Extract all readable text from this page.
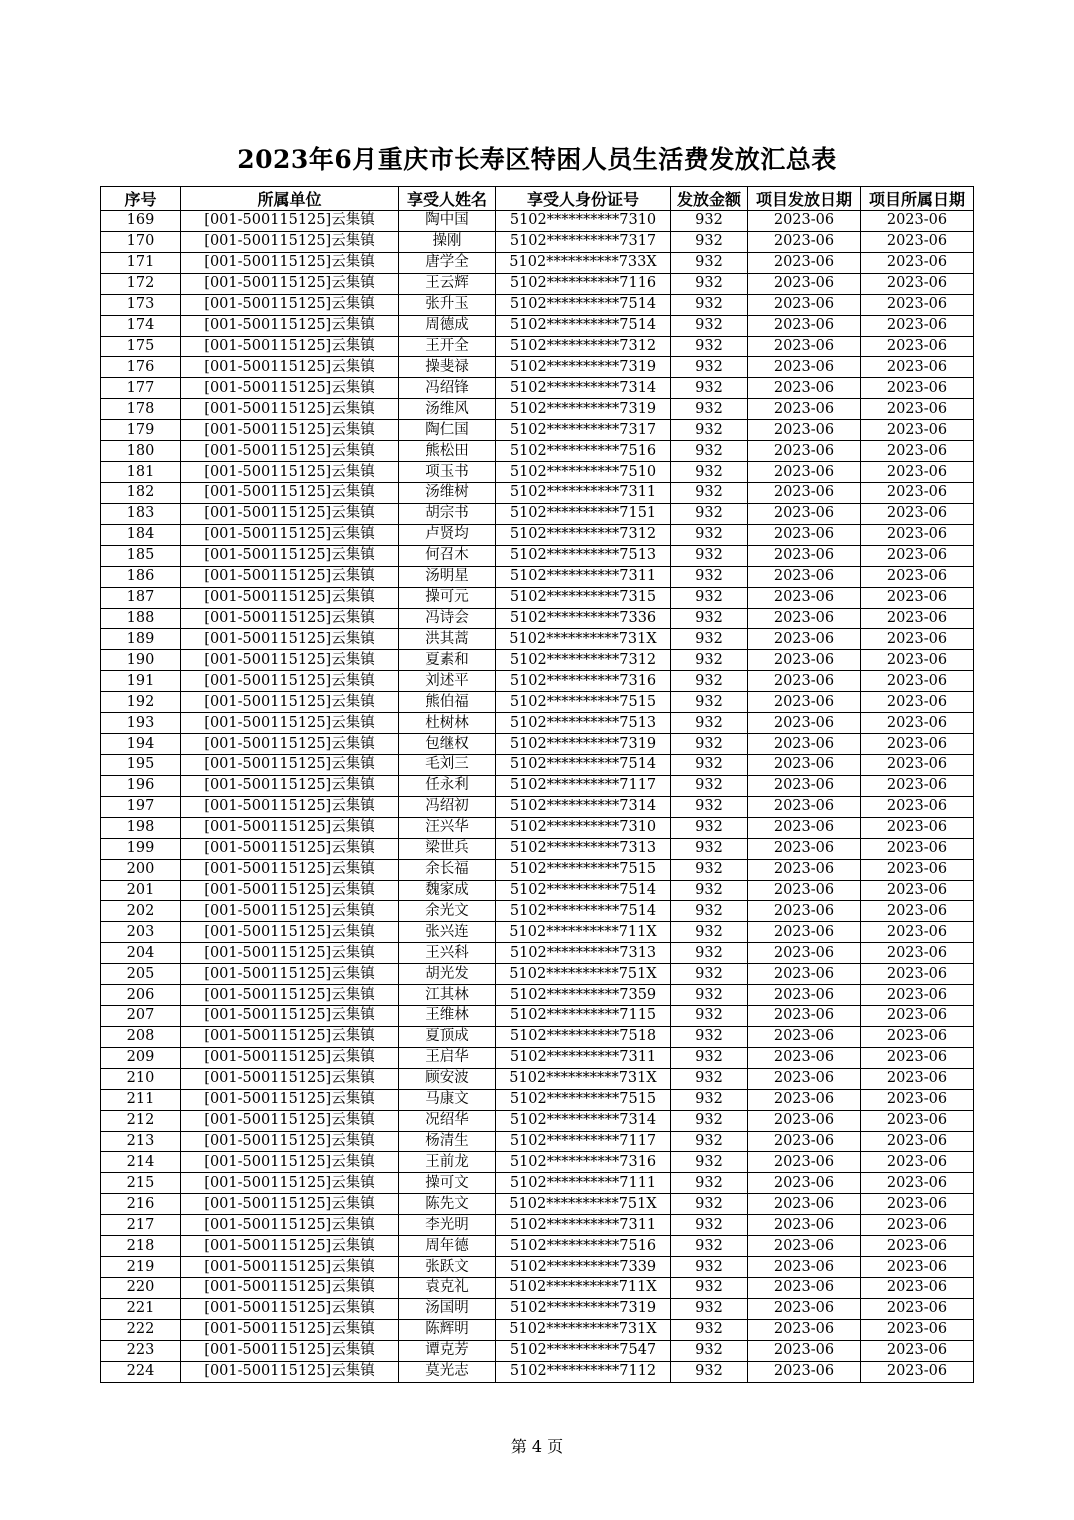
2023年6月重庆市长寿区特困人员生活费发放汇总表
序号	所属单位	享受人姓名	享受人身份证号	发放金额	项目发放日期	项目所属日期
169	[001-500115125]云集镇	陶中国	5102**********7310	932	2023-06	2023-06
170	[001-500115125]云集镇	操刚	5102**********7317	932	2023-06	2023-06
171	[001-500115125]云集镇	唐学全	5102**********733X	932	2023-06	2023-06
172	[001-500115125]云集镇	王云辉	5102**********7116	932	2023-06	2023-06
173	[001-500115125]云集镇	张升玉	5102**********7514	932	2023-06	2023-06
174	[001-500115125]云集镇	周德成	5102**********7514	932	2023-06	2023-06
175	[001-500115125]云集镇	王开全	5102**********7312	932	2023-06	2023-06
176	[001-500115125]云集镇	操斐禄	5102**********7319	932	2023-06	2023-06
177	[001-500115125]云集镇	冯绍锋	5102**********7314	932	2023-06	2023-06
178	[001-500115125]云集镇	汤维风	5102**********7319	932	2023-06	2023-06
179	[001-500115125]云集镇	陶仁国	5102**********7317	932	2023-06	2023-06
180	[001-500115125]云集镇	熊松田	5102**********7516	932	2023-06	2023-06
181	[001-500115125]云集镇	项玉书	5102**********7510	932	2023-06	2023-06
182	[001-500115125]云集镇	汤维树	5102**********7311	932	2023-06	2023-06
183	[001-500115125]云集镇	胡宗书	5102**********7151	932	2023-06	2023-06
184	[001-500115125]云集镇	卢贤均	5102**********7312	932	2023-06	2023-06
185	[001-500115125]云集镇	何召木	5102**********7513	932	2023-06	2023-06
186	[001-500115125]云集镇	汤明星	5102**********7311	932	2023-06	2023-06
187	[001-500115125]云集镇	操可元	5102**********7315	932	2023-06	2023-06
188	[001-500115125]云集镇	冯诗会	5102**********7336	932	2023-06	2023-06
189	[001-500115125]云集镇	洪其蒿	5102**********731X	932	2023-06	2023-06
190	[001-500115125]云集镇	夏素和	5102**********7312	932	2023-06	2023-06
191	[001-500115125]云集镇	刘述平	5102**********7316	932	2023-06	2023-06
192	[001-500115125]云集镇	熊伯福	5102**********7515	932	2023-06	2023-06
193	[001-500115125]云集镇	杜树林	5102**********7513	932	2023-06	2023-06
194	[001-500115125]云集镇	包继权	5102**********7319	932	2023-06	2023-06
195	[001-500115125]云集镇	毛刘三	5102**********7514	932	2023-06	2023-06
196	[001-500115125]云集镇	任永利	5102**********7117	932	2023-06	2023-06
197	[001-500115125]云集镇	冯绍初	5102**********7314	932	2023-06	2023-06
198	[001-500115125]云集镇	汪兴华	5102**********7310	932	2023-06	2023-06
199	[001-500115125]云集镇	梁世兵	5102**********7313	932	2023-06	2023-06
200	[001-500115125]云集镇	余长福	5102**********7515	932	2023-06	2023-06
201	[001-500115125]云集镇	魏家成	5102**********7514	932	2023-06	2023-06
202	[001-500115125]云集镇	余光文	5102**********7514	932	2023-06	2023-06
203	[001-500115125]云集镇	张兴连	5102**********711X	932	2023-06	2023-06
204	[001-500115125]云集镇	王兴科	5102**********7313	932	2023-06	2023-06
205	[001-500115125]云集镇	胡光发	5102**********751X	932	2023-06	2023-06
206	[001-500115125]云集镇	江其林	5102**********7359	932	2023-06	2023-06
207	[001-500115125]云集镇	王维林	5102**********7115	932	2023-06	2023-06
208	[001-500115125]云集镇	夏顶成	5102**********7518	932	2023-06	2023-06
209	[001-500115125]云集镇	王启华	5102**********7311	932	2023-06	2023-06
210	[001-500115125]云集镇	顾安波	5102**********731X	932	2023-06	2023-06
211	[001-500115125]云集镇	马康文	5102**********7515	932	2023-06	2023-06
212	[001-500115125]云集镇	况绍华	5102**********7314	932	2023-06	2023-06
213	[001-500115125]云集镇	杨清生	5102**********7117	932	2023-06	2023-06
214	[001-500115125]云集镇	王前龙	5102**********7316	932	2023-06	2023-06
215	[001-500115125]云集镇	操可文	5102**********7111	932	2023-06	2023-06
216	[001-500115125]云集镇	陈先文	5102**********751X	932	2023-06	2023-06
217	[001-500115125]云集镇	李光明	5102**********7311	932	2023-06	2023-06
218	[001-500115125]云集镇	周年德	5102**********7516	932	2023-06	2023-06
219	[001-500115125]云集镇	张跃文	5102**********7339	932	2023-06	2023-06
220	[001-500115125]云集镇	袁克礼	5102**********711X	932	2023-06	2023-06
221	[001-500115125]云集镇	汤国明	5102**********7319	932	2023-06	2023-06
222	[001-500115125]云集镇	陈辉明	5102**********731X	932	2023-06	2023-06
223	[001-500115125]云集镇	谭克芳	5102**********7547	932	2023-06	2023-06
224	[001-500115125]云集镇	莫光志	5102**********7112	932	2023-06	2023-06
第 4 页
